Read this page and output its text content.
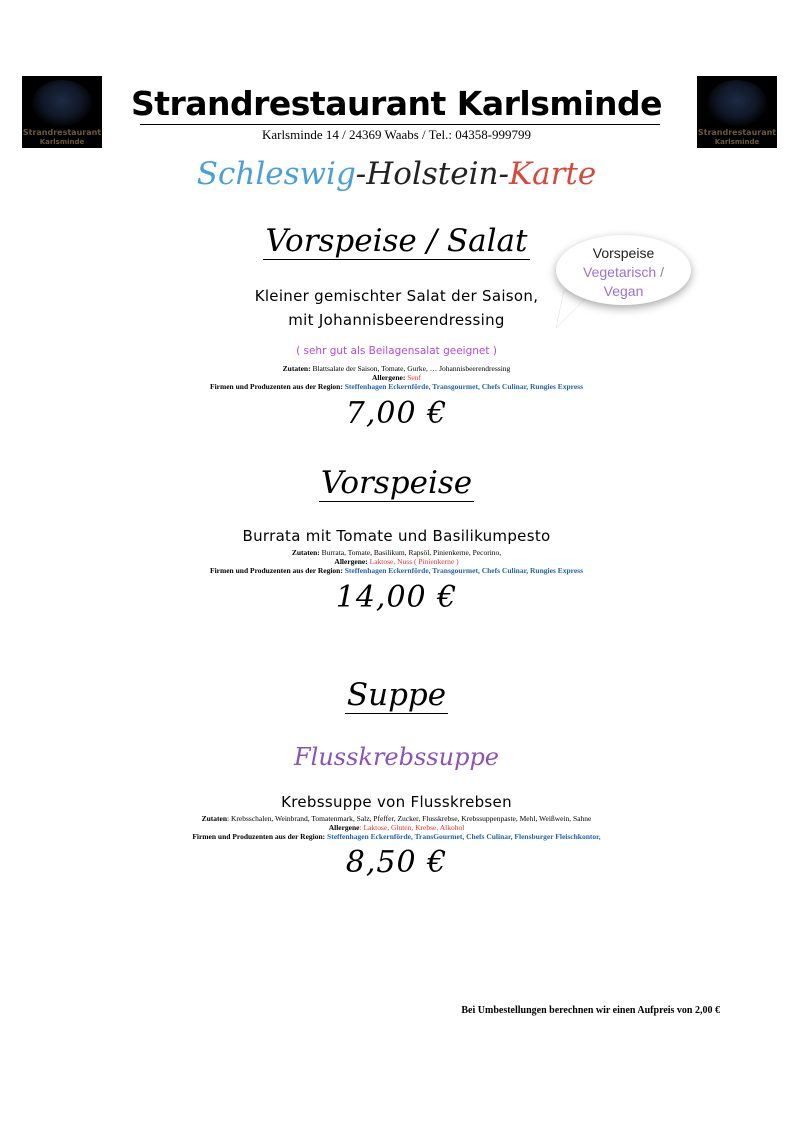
Strandrestaurant
Karlsminde
Strandrestaurant
Karlsminde
Strandrestaurant Karlsminde
Karlsminde 14 / 24369 Waabs / Tel.: 04358-999799
Schleswig-Holstein-Karte
Vorspeise
Vegetarisch /
Vegan
Vorspeise / Salat
Kleiner gemischter Salat der Saison,
mit Johannisbeerendressing
( sehr gut als Beilagensalat geeignet )
Zutaten: Blattsalate der Saison, Tomate, Gurke, … Johannisbeerendressing
Allergene: Senf
Firmen und Produzenten aus der Region: Steffenhagen Eckernförde, Transgourmet, Chefs Culinar, Rungies Express
7,00 €
Vorspeise
Burrata mit Tomate und Basilikumpesto
Zutaten: Burrata, Tomate, Basilikum, Rapsöl, Pinienkerne, Pecorino,
Allergene: Laktose, Nuss ( Pinienkerne )
Firmen und Produzenten aus der Region: Steffenhagen Eckernförde, Transgourmet, Chefs Culinar, Rungies Express
14,00 €
Suppe
Flusskrebssuppe
Krebssuppe von Flusskrebsen
Zutaten: Krebsschalen, Weinbrand, Tomatenmark, Salz, Pfeffer, Zucker, Flusskrebse, Krebssuppenpaste, Mehl, Weißwein, Sahne
Allergene: Laktose, Gluten, Krebse, Alkohol
Firmen und Produzenten aus der Region: Steffenhagen Eckernförde, TransGourmet, Chefs Culinar, Flensburger Fleischkontor,
8,50 €
Bei Umbestellungen berechnen wir einen Aufpreis von 2,00 €
